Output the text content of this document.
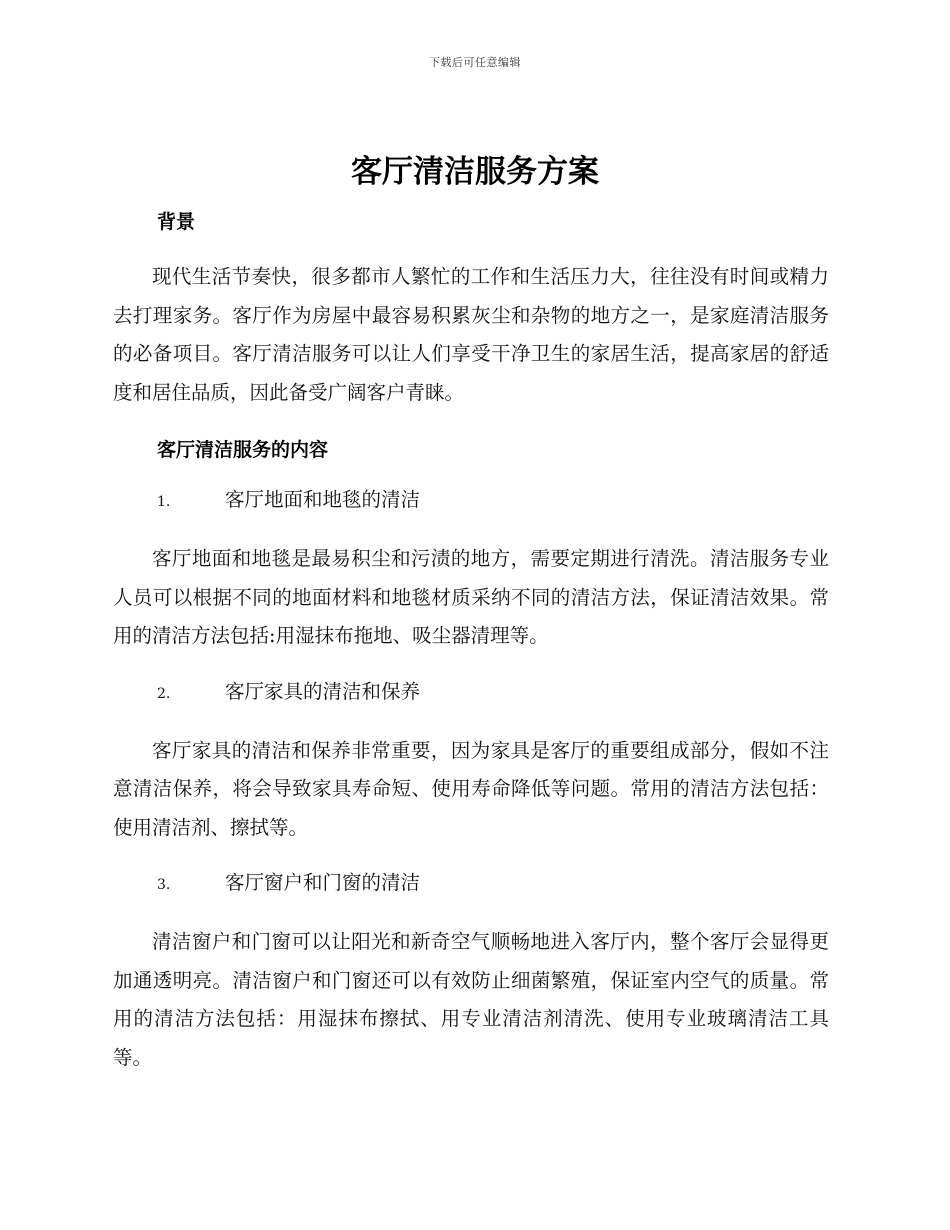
下载后可任意编辑
客厅清洁服务方案
背景

现代生活节奏快，很多都市人繁忙的工作和生活压力大，往往没有时间或精力去打理家务。客厅作为房屋中最容易积累灰尘和杂物的地方之一，是家庭清洁服务的必备项目。客厅清洁服务可以让人们享受干净卫生的家居生活，提高家居的舒适度和居住品质，因此备受广阔客户青睐。

客厅清洁服务的内容
1.	客厅地面和地毯的清洁

客厅地面和地毯是最易积尘和污渍的地方，需要定期进行清洗。清洁服务专业人员可以根据不同的地面材料和地毯材质采纳不同的清洁方法，保证清洁效果。常用的清洁方法包括:用湿抹布拖地、吸尘器清理等。

2.	客厅家具的清洁和保养

客厅家具的清洁和保养非常重要，因为家具是客厅的重要组成部分，假如不注意清洁保养，将会导致家具寿命短、使用寿命降低等问题。常用的清洁方法包括：使用清洁剂、擦拭等。

3.	客厅窗户和门窗的清洁

清洁窗户和门窗可以让阳光和新奇空气顺畅地进入客厅内，整个客厅会显得更加通透明亮。清洁窗户和门窗还可以有效防止细菌繁殖，保证室内空气的质量。常用的清洁方法包括：用湿抹布擦拭、用专业清洁剂清洗、使用专业玻璃清洁工具等。
